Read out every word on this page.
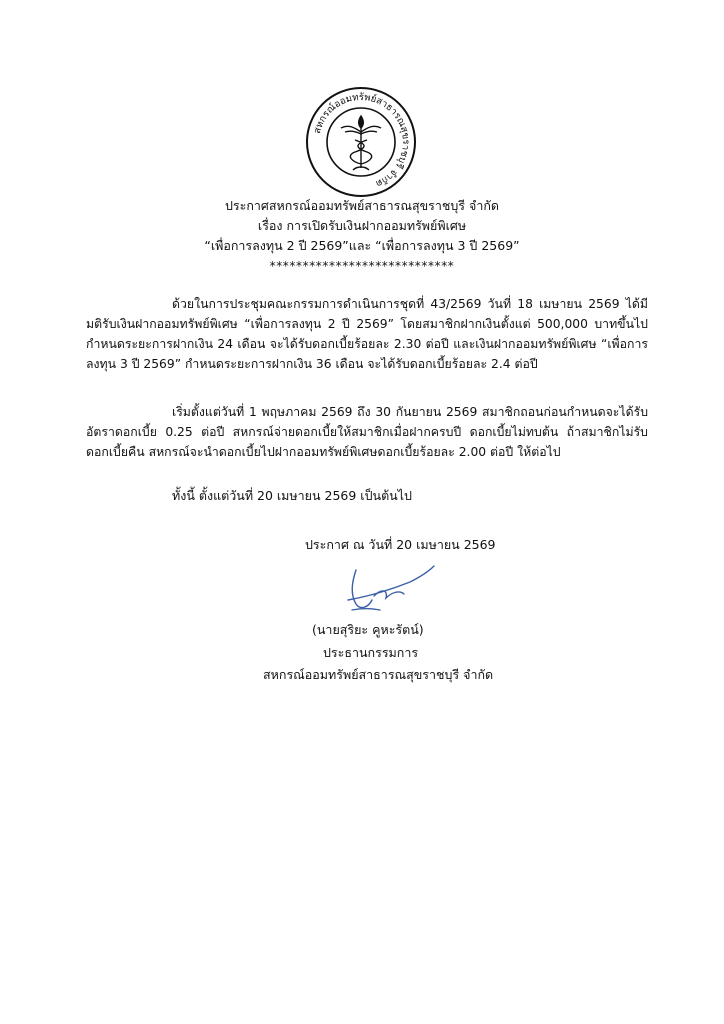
สหกรณ์ออมทรัพย์สาธารณสุขราชบุรี จำกัด
ประกาศสหกรณ์ออมทรัพย์สาธารณสุขราชบุรี จำกัด
เรื่อง การเปิดรับเงินฝากออมทรัพย์พิเศษ
“เพื่อการลงทุน 2 ปี 2569”และ “เพื่อการลงทุน 3 ปี 2569”
****************************
ด้วยในการประชุมคณะกรรมการดำเนินการชุดที่ 43/2569 วันที่ 18 เมษายน 2569 ได้มีมติรับเงินฝากออมทรัพย์พิเศษ “เพื่อการลงทุน 2 ปี 2569” โดยสมาชิกฝากเงินตั้งแต่ 500,000 บาทขึ้นไป กำหนดระยะการฝากเงิน 24 เดือน จะได้รับดอกเบี้ยร้อยละ 2.30 ต่อปี และเงินฝากออมทรัพย์พิเศษ “เพื่อการลงทุน 3 ปี 2569” กำหนดระยะการฝากเงิน 36 เดือน จะได้รับดอกเบี้ยร้อยละ 2.4 ต่อปี
เริ่มตั้งแต่วันที่ 1 พฤษภาคม 2569 ถึง 30 กันยายน 2569 สมาชิกถอนก่อนกำหนดจะได้รับอัตราดอกเบี้ย 0.25 ต่อปี สหกรณ์จ่ายดอกเบี้ยให้สมาชิกเมื่อฝากครบปี ดอกเบี้ยไม่ทบต้น ถ้าสมาชิกไม่รับดอกเบี้ยคืน สหกรณ์จะนำดอกเบี้ยไปฝากออมทรัพย์พิเศษดอกเบี้ยร้อยละ 2.00 ต่อปี ให้ต่อไป
ทั้งนี้ ตั้งแต่วันที่ 20 เมษายน 2569 เป็นต้นไป
ประกาศ ณ วันที่ 20 เมษายน 2569
(นายสุริยะ คูหะรัตน์)
ประธานกรรมการ
สหกรณ์ออมทรัพย์สาธารณสุขราชบุรี จำกัด
